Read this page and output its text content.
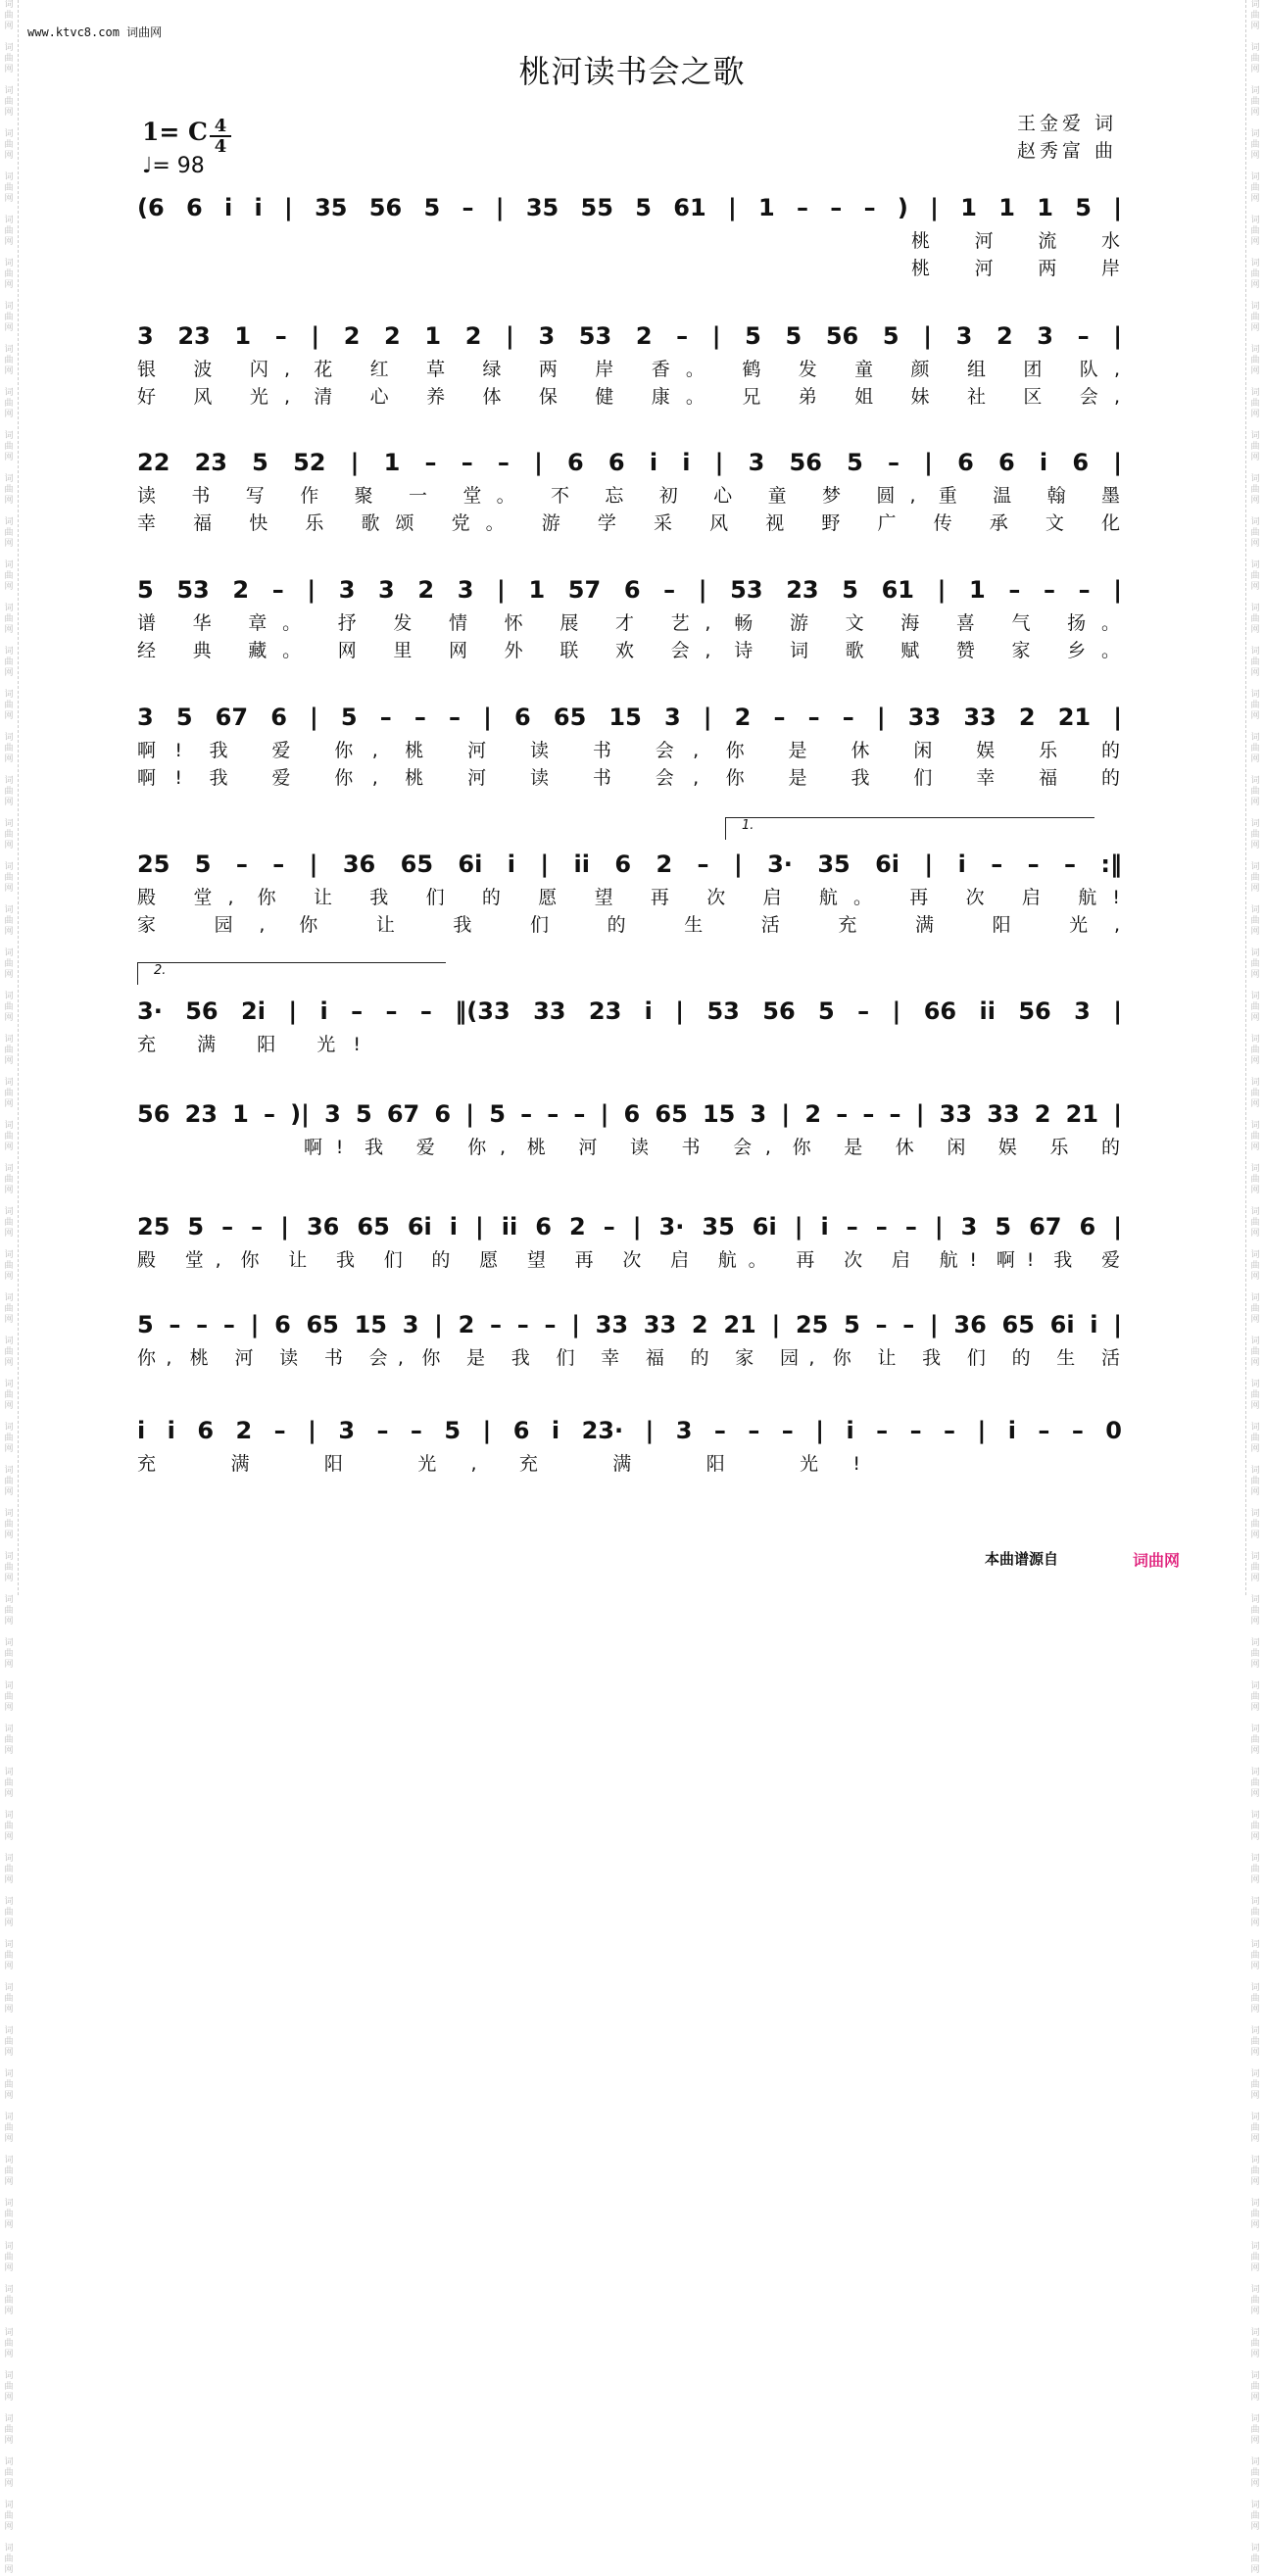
词
曲
网

词
曲
网

词
曲
网

词
曲
网

词
曲
网

词
曲
网

词
曲
网

词
曲
网

词
曲
网

词
曲
网

词
曲
网

词
曲
网

词
曲
网

词
曲
网

词
曲
网

词
曲
网

词
曲
网

词
曲
网

词
曲
网

词
曲
网

词
曲
网

词
曲
网

词
曲
网

词
曲
网

词
曲
网

词
曲
网

词
曲
网

词
曲
网

词
曲
网

词
曲
网

词
曲
网

词
曲
网

词
曲
网

词
曲
网

词
曲
网

词
曲
网

词
曲
网

词
曲
网

词
曲
网

词
曲
网

词
曲
网

词
曲
网

词
曲
网

词
曲
网

词
曲
网

词
曲
网

词
曲
网

词
曲
网

词
曲
网

词
曲
网

词
曲
网

词
曲
网

词
曲
网

词
曲
网

词
曲
网

词
曲
网

词
曲
网

词
曲
网

词
曲
网

词
曲
网

词
曲
网

词
曲
网

词
曲
网

词
曲
网

词
曲
网

词
曲
网

词
曲
网

词
曲
网

词
曲
网

词
曲
网

词
曲
网

词
曲
网

词
曲
网

词
曲
网

词
曲
网

词
曲
网

词
曲
网

词
曲
网

词
曲
网

词
曲
网

词
曲
网

词
曲
网

词
曲
网

词
曲
网

词
曲
网

词
曲
网

词
曲
网

词
曲
网

词
曲
网

词
曲
网

词
曲
网

词
曲
网

词
曲
网

词
曲
网

词
曲
网

词
曲
网

词
曲
网

词
曲
网

词
曲
网

词
曲
网

词
曲
网

词
曲
网

词
曲
网

词
曲
网

词
曲
网

词
曲
网

词
曲
网

词
曲
网

词
曲
网

词
曲
网

词
曲
网

词
曲
网

词
曲
网

词
曲
网

词
曲
网

词
曲
网

词
曲
网

词
曲
网

词
曲
网

词
曲
网

www.ktvc8.com 词曲网
桃河读书会之歌
1= C 4
4
♩= 98
王金爱 词
赵秀富 曲
(6 6 i i | 35 56 5 – | 35 55 5 61 | 1 – – – ) | 1 1 1 5 |
桃 河 流 水
桃 河 两 岸
3 23 1 – | 2 2 1 2 | 3 53 2 – | 5 5 56 5 | 3 2 3 – |
银 波 闪, 花 红 草 绿 两 岸 香。 鹤 发 童 颜 组 团 队,
好 风 光, 清 心 养 体 保 健 康。 兄 弟 姐 妹 社 区 会,
22 23 5 52 | 1 – – – | 6 6 i i | 3 56 5 – | 6 6 i 6 |
读 书 写 作 聚 一 堂。 不 忘 初 心 童 梦 圆, 重 温 翰 墨
幸 福 快 乐 歌颂 党。 游 学 采 风 视 野 广 传 承 文 化
5 53 2 – | 3 3 2 3 | 1 57 6 – | 53 23 5 61 | 1 – – – |
谱 华 章。 抒 发 情 怀 展 才 艺, 畅 游 文 海 喜 气 扬。
经 典 藏。 网 里 网 外 联 欢 会, 诗 词 歌 赋 赞 家 乡。
3 5 67 6 | 5 – – – | 6 65 15 3 | 2 – – – | 33 33 2 21 |
啊! 我 爱 你, 桃 河 读 书 会, 你 是 休 闲 娱 乐 的
啊! 我 爱 你, 桃 河 读 书 会, 你 是 我 们 幸 福 的
1.
25 5 – – | 36 65 6i i | ii 6 2 – | 3· 35 6i | i – – – :‖
殿 堂, 你 让 我 们 的 愿 望 再 次 启 航。 再 次 启 航!
家 园, 你 让 我 们 的 生 活 充 满 阳 光,
2.
3· 56 2i | i – – – ‖(33 33 23 i | 53 56 5 – | 66 ii 56 3 |
充 满 阳 光!
56 23 1 – )| 3 5 67 6 | 5 – – – | 6 65 15 3 | 2 – – – | 33 33 2 21 |
啊! 我 爱 你, 桃 河 读 书 会, 你 是 休 闲 娱 乐 的
25 5 – – | 36 65 6i i | ii 6 2 – | 3· 35 6i | i – – – | 3 5 67 6 |
殿 堂, 你 让 我 们 的 愿 望 再 次 启 航。 再 次 启 航! 啊! 我 爱
5 – – – | 6 65 15 3 | 2 – – – | 33 33 2 21 | 25 5 – – | 36 65 6i i |
你, 桃 河 读 书 会, 你 是 我 们 幸 福 的 家 园, 你 让 我 们 的 生 活
i i 6 2 – | 3 – – 5 | 6 i 23· | 3 – – – | i – – – | i – – 0
充 满 阳 光, 充 满 阳 光!
本曲谱源自	词曲网
